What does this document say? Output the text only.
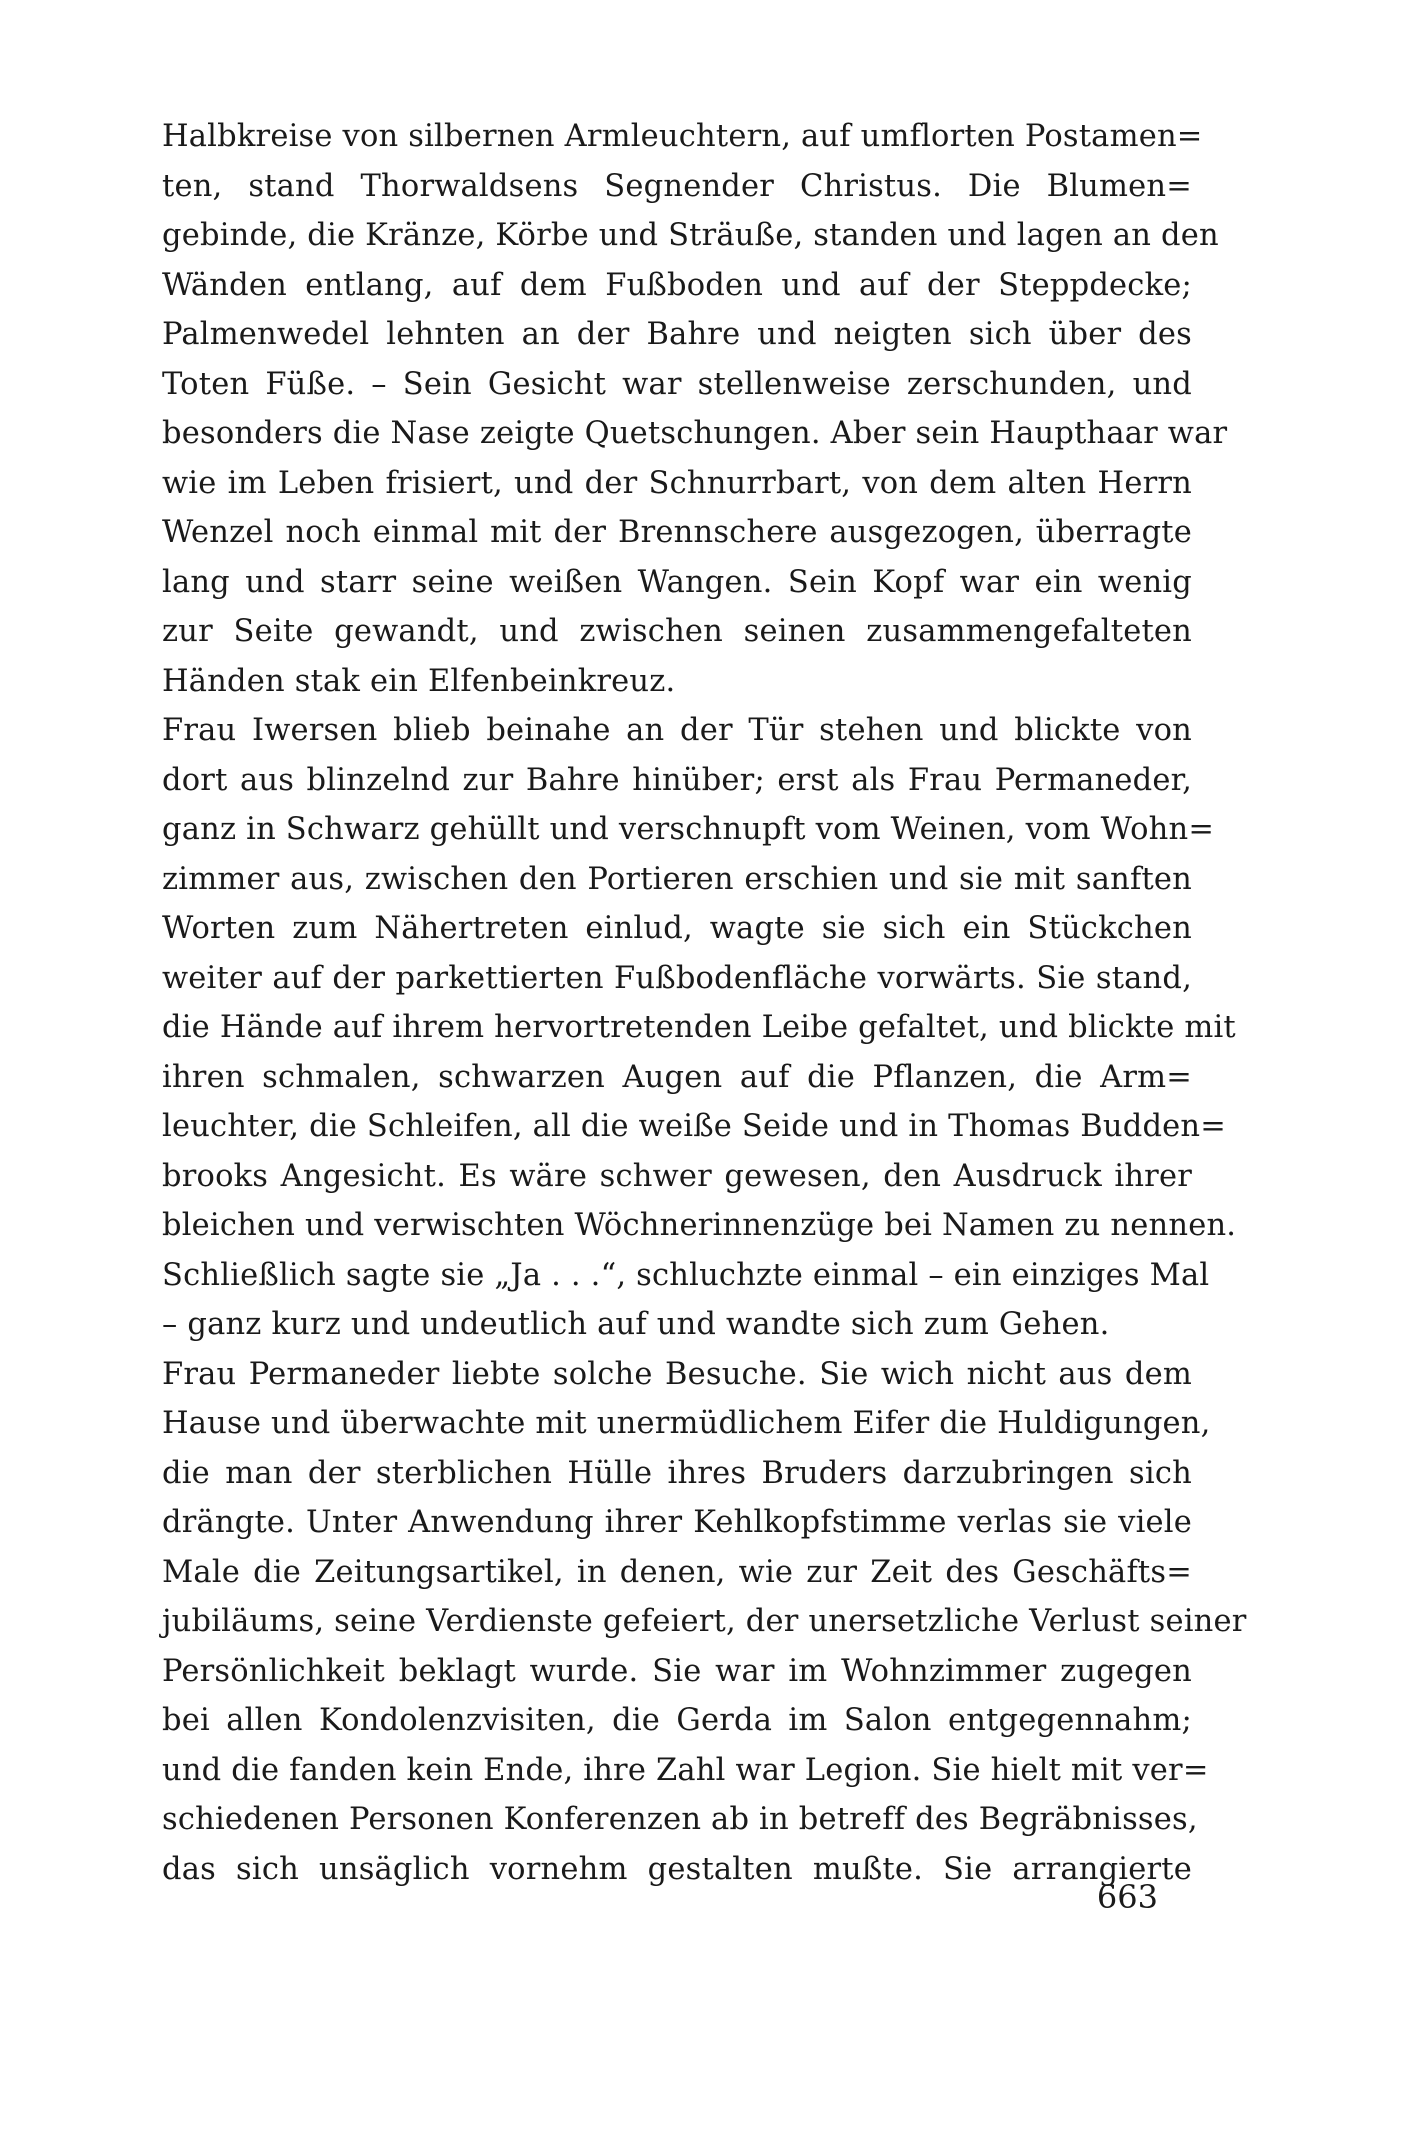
Halbkreise von silbernen Armleuchtern, auf umflorten Postamen=
ten, stand Thorwaldsens Segnender Christus. Die Blumen=
gebinde, die Kränze, Körbe und Sträuße, standen und lagen an den
Wänden entlang, auf dem Fußboden und auf der Steppdecke;
Palmenwedel lehnten an der Bahre und neigten sich über des
Toten Füße. – Sein Gesicht war stellenweise zerschunden, und
besonders die Nase zeigte Quetschungen. Aber sein Haupthaar war
wie im Leben frisiert, und der Schnurrbart, von dem alten Herrn
Wenzel noch einmal mit der Brennschere ausgezogen, überragte
lang und starr seine weißen Wangen. Sein Kopf war ein wenig
zur Seite gewandt, und zwischen seinen zusammengefalteten
Händen stak ein Elfenbeinkreuz.
Frau Iwersen blieb beinahe an der Tür stehen und blickte von
dort aus blinzelnd zur Bahre hinüber; erst als Frau Permaneder,
ganz in Schwarz gehüllt und verschnupft vom Weinen, vom Wohn=
zimmer aus, zwischen den Portieren erschien und sie mit sanften
Worten zum Nähertreten einlud, wagte sie sich ein Stückchen
weiter auf der parkettierten Fußbodenfläche vorwärts. Sie stand,
die Hände auf ihrem hervortretenden Leibe gefaltet, und blickte mit
ihren schmalen, schwarzen Augen auf die Pflanzen, die Arm=
leuchter, die Schleifen, all die weiße Seide und in Thomas Budden=
brooks Angesicht. Es wäre schwer gewesen, den Ausdruck ihrer
bleichen und verwischten Wöchnerinnenzüge bei Namen zu nennen.
Schließlich sagte sie „Ja . . .“, schluchzte einmal – ein einziges Mal
– ganz kurz und undeutlich auf und wandte sich zum Gehen.
Frau Permaneder liebte solche Besuche. Sie wich nicht aus dem
Hause und überwachte mit unermüdlichem Eifer die Huldigungen,
die man der sterblichen Hülle ihres Bruders darzubringen sich
drängte. Unter Anwendung ihrer Kehlkopfstimme verlas sie viele
Male die Zeitungsartikel, in denen, wie zur Zeit des Geschäfts=
jubiläums, seine Verdienste gefeiert, der unersetzliche Verlust seiner
Persönlichkeit beklagt wurde. Sie war im Wohnzimmer zugegen
bei allen Kondolenzvisiten, die Gerda im Salon entgegennahm;
und die fanden kein Ende, ihre Zahl war Legion. Sie hielt mit ver=
schiedenen Personen Konferenzen ab in betreff des Begräbnisses,
das sich unsäglich vornehm gestalten mußte. Sie arrangierte
663
